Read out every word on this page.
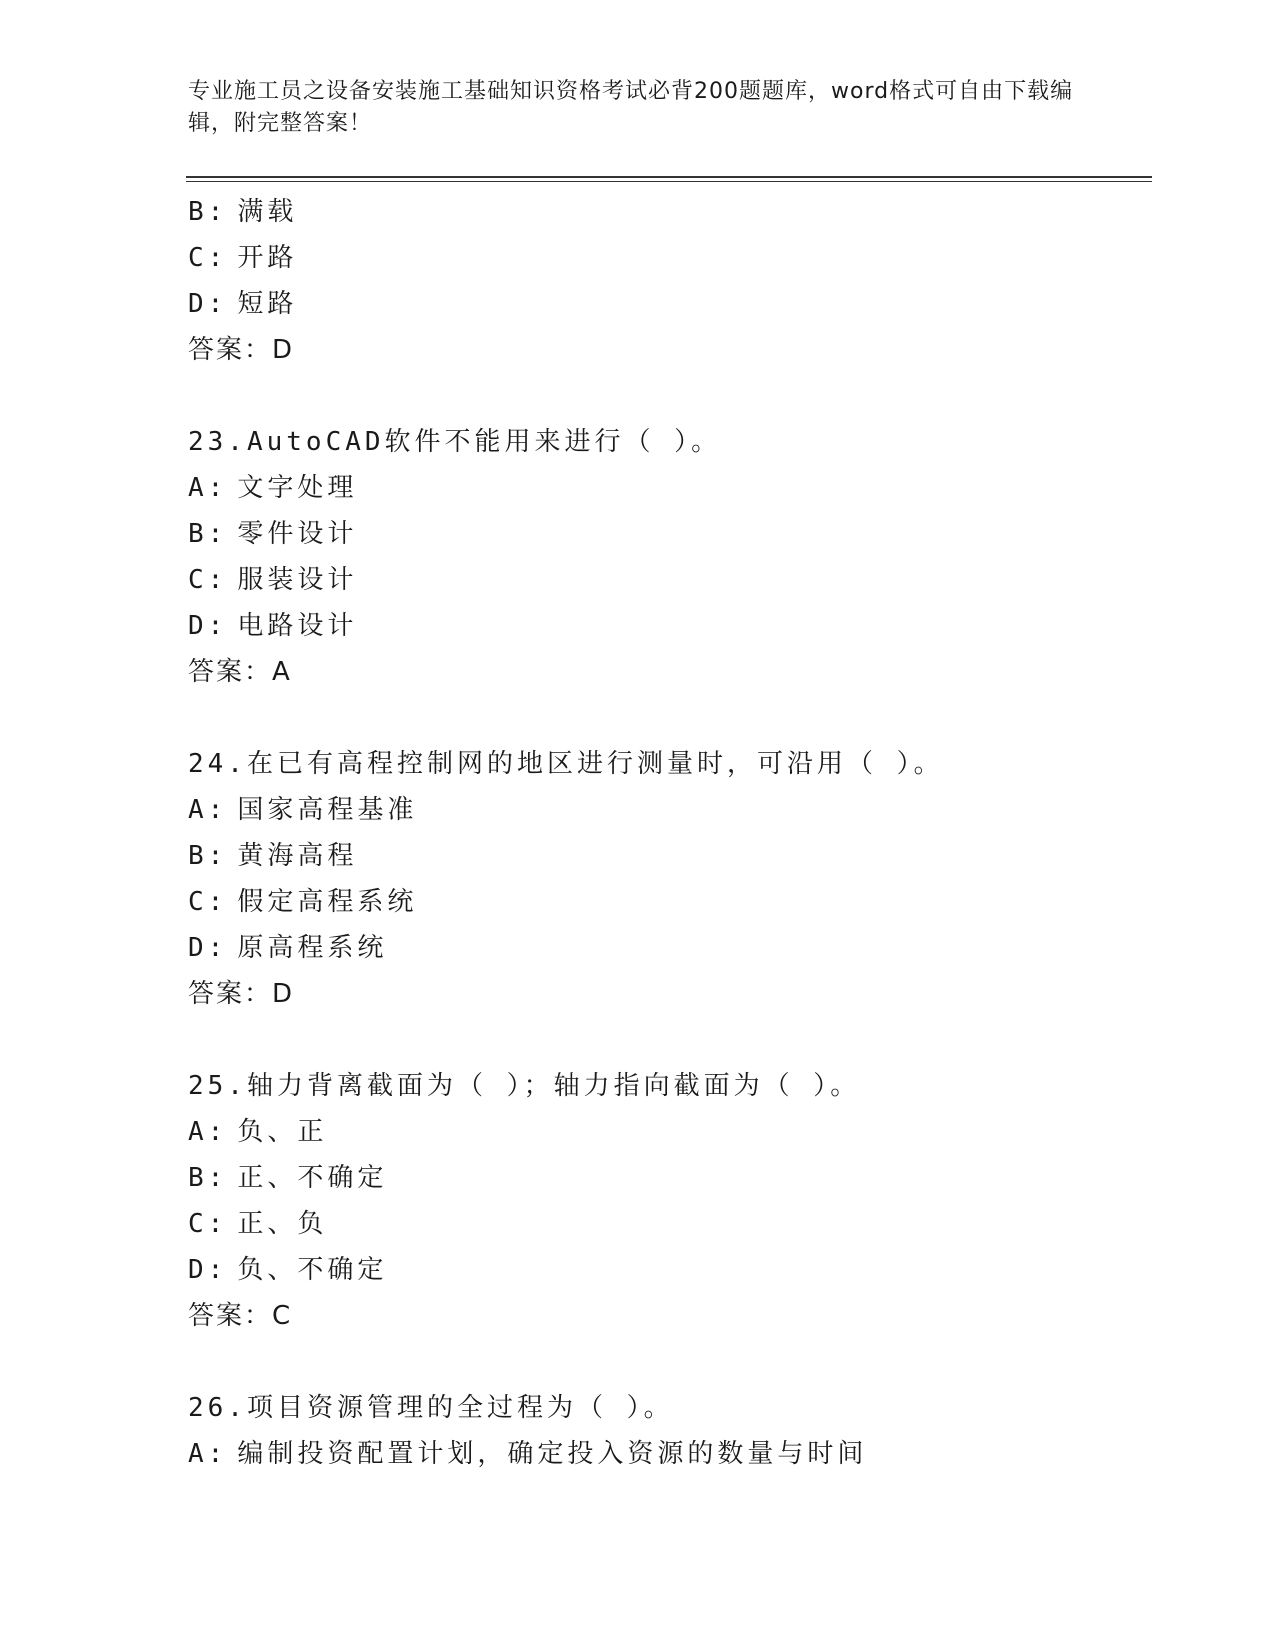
专业施工员之设备安装施工基础知识资格考试必背200题题库，word格式可自由下载编辑，附完整答案！
B: 满载
C: 开路
D: 短路
答案：D
23.AutoCAD软件不能用来进行（ ）。
A: 文字处理
B: 零件设计
C: 服装设计
D: 电路设计
答案：A
24.在已有高程控制网的地区进行测量时，可沿用（ ）。
A: 国家高程基准
B: 黄海高程
C: 假定高程系统
D: 原高程系统
答案：D
25.轴力背离截面为（ ）；轴力指向截面为（ ）。
A: 负、正
B: 正、不确定
C: 正、负
D: 负、不确定
答案：C
26.项目资源管理的全过程为（ ）。
A: 编制投资配置计划，确定投入资源的数量与时间
